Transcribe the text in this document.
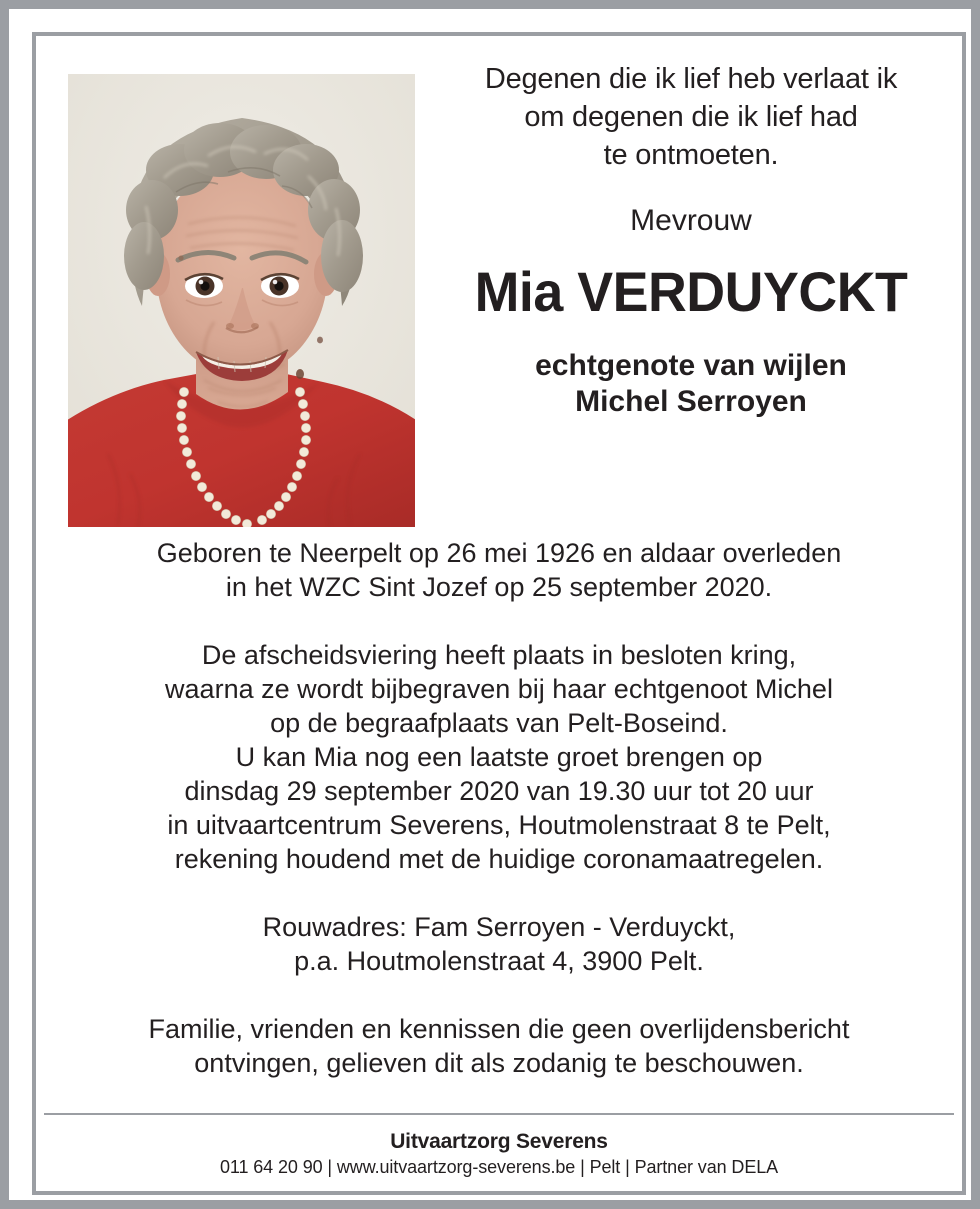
Degenen die ik lief heb verlaat ik
om degenen die ik lief had
te ontmoeten.
Mevrouw
Mia VERDUYCKT
echtgenote van wijlen
Michel Serroyen

Geboren te Neerpelt op 26 mei 1926 en aldaar overleden
in het WZC Sint Jozef op 25 september 2020.

De afscheidsviering heeft plaats in besloten kring,
waarna ze wordt bijbegraven bij haar echtgenoot Michel
op de begraafplaats van Pelt-Boseind.
U kan Mia nog een laatste groet brengen op
dinsdag 29 september 2020 van 19.30 uur tot 20 uur
in uitvaartcentrum Severens, Houtmolenstraat 8 te Pelt,
rekening houdend met de huidige coronamaatregelen.

Rouwadres: Fam Serroyen - Verduyckt,
p.a. Houtmolenstraat 4, 3900 Pelt.

Familie, vrienden en kennissen die geen overlijdensbericht
ontvingen, gelieven dit als zodanig te beschouwen.

Uitvaartzorg Severens
011 64 20 90 | www.uitvaartzorg-severens.be | Pelt | Partner van DELA
